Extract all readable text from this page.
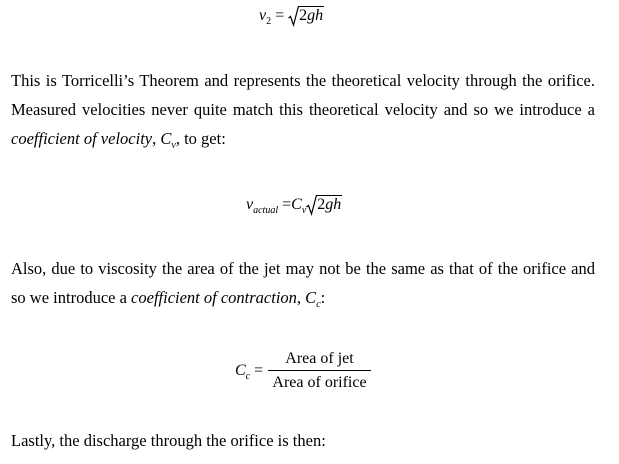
$v_2 = 2gh$
This is Torricelli’s Theorem and represents the theoretical velocity through the orifice. Measured velocities never quite match this theoretical velocity and so we introduce a coefficient of velocity, $C_v$, to get:
$v_{actual} =C_v$ 2gh
Also, due to viscosity the area of the jet may not be the same as that of the orifice and so we introduce a coefficient of contraction, $C_c$:
$C_c$ =
Area of jet
Area of orifice
Lastly, the discharge through the orifice is then:
